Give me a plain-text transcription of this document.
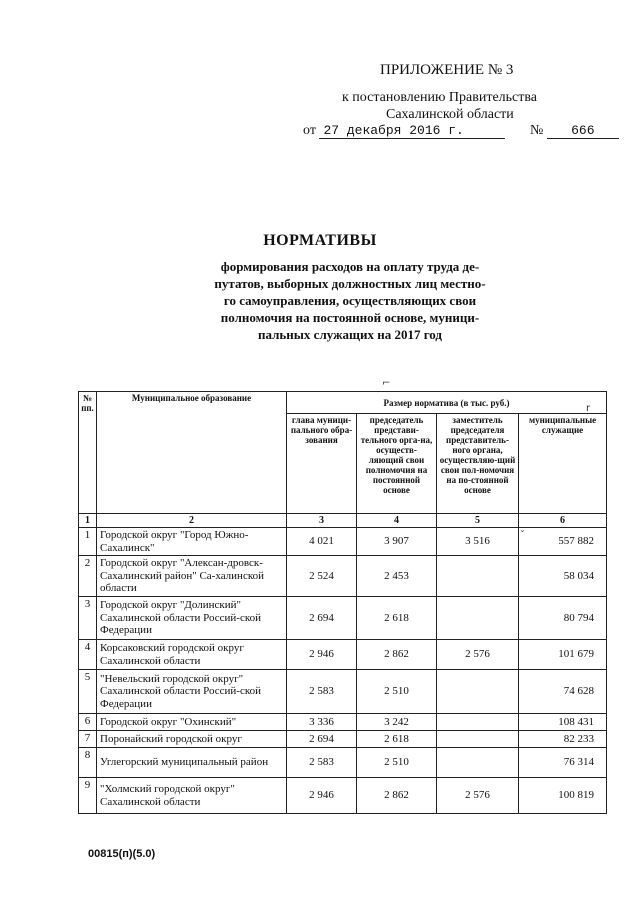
ПРИЛОЖЕНИЕ № 3
к постановлению Правительства
Сахалинской области
от 27 декабря 2016 г.	№ 666
НОРМАТИВЫ
формирования расходов на оплату труда де-
путатов, выборных должностных лиц местно-
го самоуправления, осуществляющих свои
полномочия на постоянной основе, муници-
пальных служащих на 2017 год
⌐
r
ˇ
№ пп.	Муниципальное образование	Размер норматива (в тыс. руб.)			
		глава муници-пального обра-зования	председатель представи-тельного орга-на, осуществ-ляющий свои полномочия на постоянной основе	заместитель председателя представитель-ного органа, осуществляю-щий свои пол-номочия на по-стоянной основе	муниципальные служащие
1	2	3	4	5	6
1	Городской округ "Город Южно-Сахалинск"	4 021	3 907	3 516	557 882
2	Городской округ "Алексан-дровск-Сахалинский район" Са-халинской области	2 524	2 453		58 034
3	Городской округ "Долинский" Сахалинской области Россий-ской Федерации	2 694	2 618		80 794
4	Корсаковский городской округ Сахалинской области	2 946	2 862	2 576	101 679
5	"Невельский городской округ" Сахалинской области Россий-ской Федерации	2 583	2 510		74 628
6	Городской округ "Охинский"	3 336	3 242		108 431
7	Поронайский городской округ	2 694	2 618		82 233
8	Углегорский муниципальный район	2 583	2 510		76 314
9	"Холмский городской округ" Сахалинской области	2 946	2 862	2 576	100 819
00815(п)(5.0)
